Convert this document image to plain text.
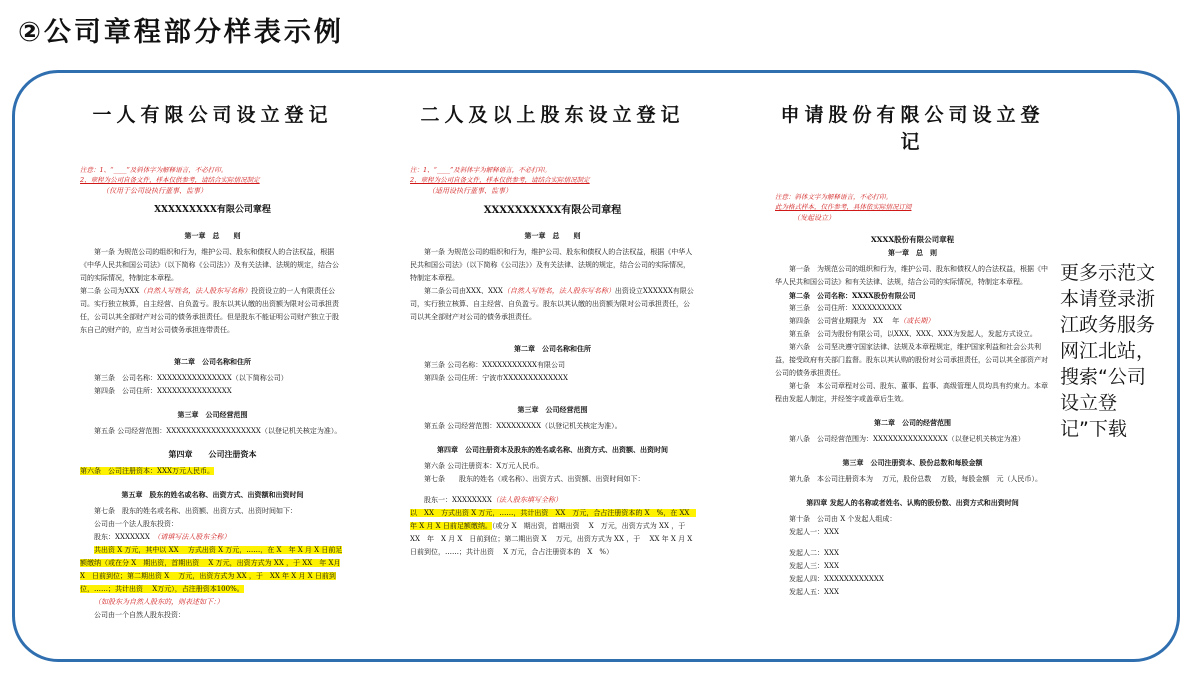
②公司章程部分样表示例
一人有限公司设立登记
注意：1、“____”及斜体字为解释语言，不必打印。
2、章程为公司自备文件，样本仅供参考，请结合实际情况制定
（仅用于公司设执行董事、监事）
XXXXXXXXX有限公司章程
第一章　总　　则
第一条 为规范公司的组织和行为，维护公司、股东和债权人的合法权益，根据《中华人民共和国公司法》（以下简称《公司法》）及有关法律、法规的规定，结合公司的实际情况，特制定本章程。
第二条 公司为XXX（自然人写姓名，法人股东写名称）投资设立的一人有限责任公司。实行独立核算，自主经营、自负盈亏。股东以其认缴的出资额为限对公司承担责任，公司以其全部财产对公司的债务承担责任。但是股东不能证明公司财产独立于股东自己的财产的，应当对公司债务承担连带责任。
第二章　公司名称和住所
第三条　公司名称：XXXXXXXXXXXXXXX（以下简称公司）
第四条　公司住所：XXXXXXXXXXXXXXX
第三章　公司经营范围
第五条 公司经营范围：XXXXXXXXXXXXXXXXXXX（以登记机关核定为准）。
第四章　　公司注册资本
第六条　公司注册资本：XXX万元人民币。
第五章　股东的姓名或名称、出资方式、出资额和出资时间
第七条　股东的姓名或名称、出资额、出资方式、出资时间如下：
公司由一个法人股东投资：
股东：XXXXXXX　 （请填写法人股东全称）
共出资 X 万元，其中以 XX　 方式出资 X 万元，……，在 X　年 X 月 X 日前足额缴纳（或在分 X　期出资，首期出资　 X 万元，出资方式为 XX ，于 XX　年 X月 X　日前到位；第二期出资 X　 万元，出资方式为 XX ，于　XX 年 X 月 X 日前到位，……；共计出资　 X万元），占注册资本100%。
（如股东为自然人股东的，则表述如下：）
公司由一个自然人股东投资：
二人及以上股东设立登记
注：1、“____”及斜体字为解释语言，不必打印。
2、章程为公司自备文件，样本仅供参考，请结合实际情况制定
（适用设执行董事、监事）
XXXXXXXXXX有限公司章程
第一章　总　　则
第一条 为规范公司的组织和行为，维护公司、股东和债权人的合法权益，根据《中华人民共和国公司法》（以下简称《公司法》）及有关法律、法规的规定，结合公司的实际情况，特制定本章程。
第二条公司由XXX、XXX（自然人写姓名，法人股东写名称）出资设立XXXXXX有限公司，实行独立核算、自主经营、自负盈亏。股东以其认缴的出资额为限对公司承担责任，公司以其全部财产对公司的债务承担责任。
第二章　公司名称和住所
第三条 公司名称：XXXXXXXXXXX有限公司
第四条 公司住所：宁波市XXXXXXXXXXXXX
第三章　公司经营范围
第五条 公司经营范围：XXXXXXXXX（以登记机关核定为准）。
第四章　公司注册资本及股东的姓名或名称、出资方式、出资额、出资时间
第六条 公司注册资本：X万元人民币。
第七条　　股东的姓名（或名称）、出资方式、出资额、出资时间如下：
股东一：XXXXXXXX（法人股东填写全称）
以　XX　方式出资 X 万元，……，共计出资　XX　万元，合占注册资本的 X　%，在 XX　年 X 月 X 日前足额缴纳。（或分 X　期出资，首期出资　 X　万元，出资方式为 XX ，于　 XX　年　X 月 X　日前到位；第二期出资 X　 万元，出资方式为 XX ，于　 XX 年 X 月 X 日前到位，……；共计出资　 X 万元，合占注册资本的　X　%）
申请股份有限公司设立登记
注意：斜体文字为解释语言，不必打印。
此为格式样本，仅作参考，具体依实际情况订阅
（发起设立）
XXXX股份有限公司章程
第一章　总　则
第一条　为规范公司的组织和行为，维护公司、股东和债权人的合法权益，根据《中华人民共和国公司法》和有关法律、法规，结合公司的实际情况，特制定本章程。
第二条　公司名称：XXXX股份有限公司
第三条　公司住所：XXXXXXXXXX
第四条　公司营业期限为　XX　 年（或长期）
第五条　公司为股份有限公司，以XXX、XXX、XXX为发起人，发起方式设立。
第六条　公司坚决遵守国家法律、法规及本章程规定，维护国家利益和社会公共利益，接受政府有关部门监督。股东以其认购的股份对公司承担责任，公司以其全部资产对公司的债务承担责任。
第七条　本公司章程对公司、股东、董事、监事、高级管理人员均具有约束力。本章程由发起人制定，并经签字或盖章后生效。
第二章　公司的经营范围
第八条　公司经营范围为：XXXXXXXXXXXXXXX（以登记机关核定为准）
第三章　公司注册资本、股份总数和每股金额
第九条　本公司注册资本为　 万元，股份总数　 万股，每股金额　元（人民币）。
第四章 发起人的名称或者姓名、认购的股份数、出资方式和出资时间
第十条　公司由 X 个发起人组成：
发起人一：XXX
发起人二：XXX
发起人三：XXX
发起人四：XXXXXXXXXXXX
发起人五：XXX
更多示范文本请登录浙江政务服务网江北站，搜索“公司设立登记”下载
